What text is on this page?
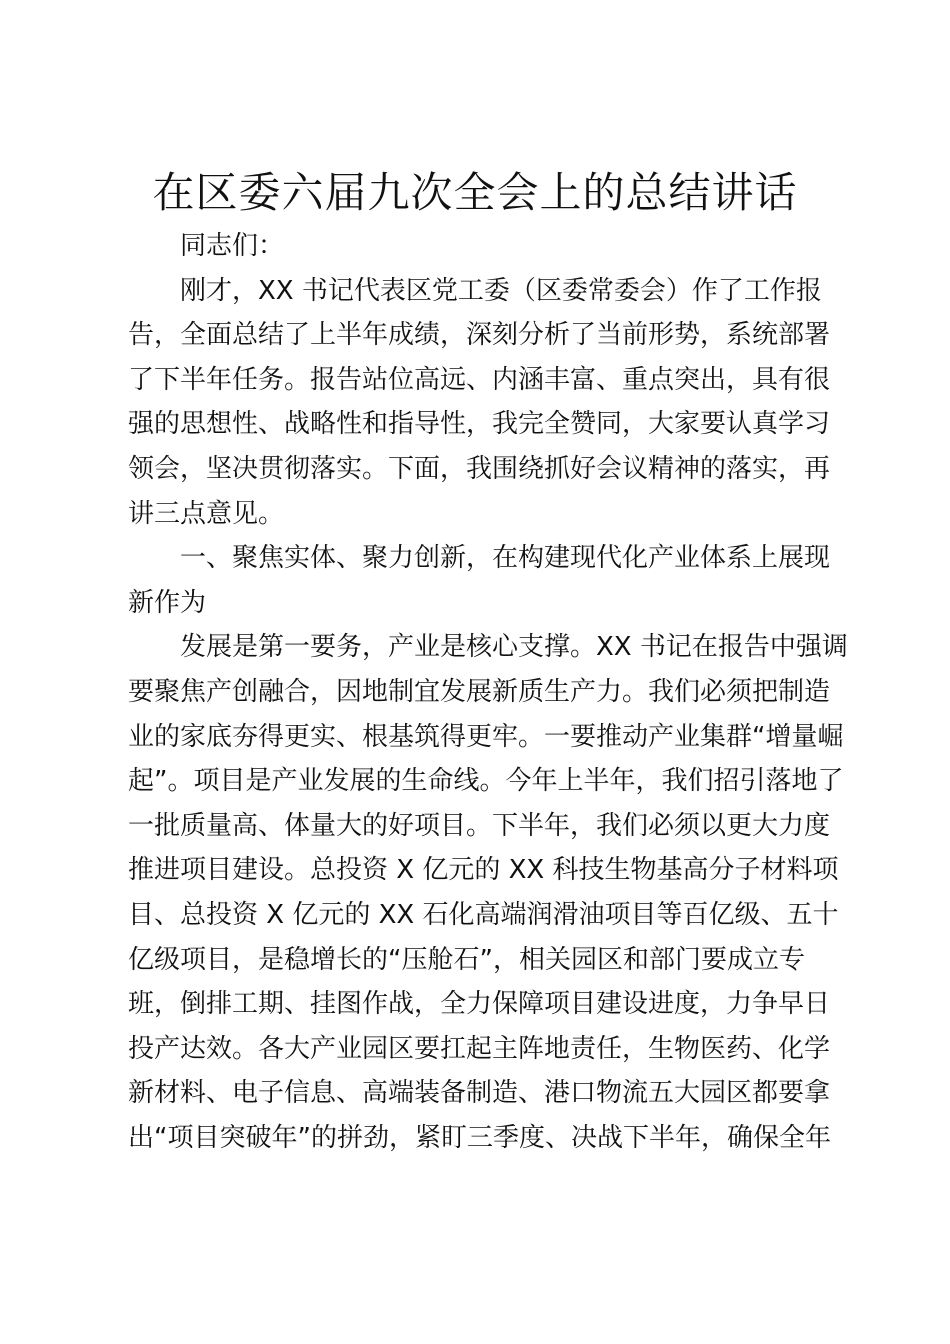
在区委六届九次全会上的总结讲话
同志们：
刚才，XX 书记代表区党工委（区委常委会）作了工作报
告，全面总结了上半年成绩，深刻分析了当前形势，系统部署
了下半年任务。报告站位高远、内涵丰富、重点突出，具有很
强的思想性、战略性和指导性，我完全赞同，大家要认真学习
领会，坚决贯彻落实。下面，我围绕抓好会议精神的落实，再
讲三点意见。
一、聚焦实体、聚力创新，在构建现代化产业体系上展现
新作为
发展是第一要务，产业是核心支撑。XX 书记在报告中强调
要聚焦产创融合，因地制宜发展新质生产力。我们必须把制造
业的家底夯得更实、根基筑得更牢。一要推动产业集群“增量崛
起”。项目是产业发展的生命线。今年上半年，我们招引落地了
一批质量高、体量大的好项目。下半年，我们必须以更大力度
推进项目建设。总投资 X 亿元的 XX 科技生物基高分子材料项
目、总投资 X 亿元的 XX 石化高端润滑油项目等百亿级、五十
亿级项目，是稳增长的“压舱石”，相关园区和部门要成立专
班，倒排工期、挂图作战，全力保障项目建设进度，力争早日
投产达效。各大产业园区要扛起主阵地责任，生物医药、化学
新材料、电子信息、高端装备制造、港口物流五大园区都要拿
出“项目突破年”的拼劲，紧盯三季度、决战下半年，确保全年
